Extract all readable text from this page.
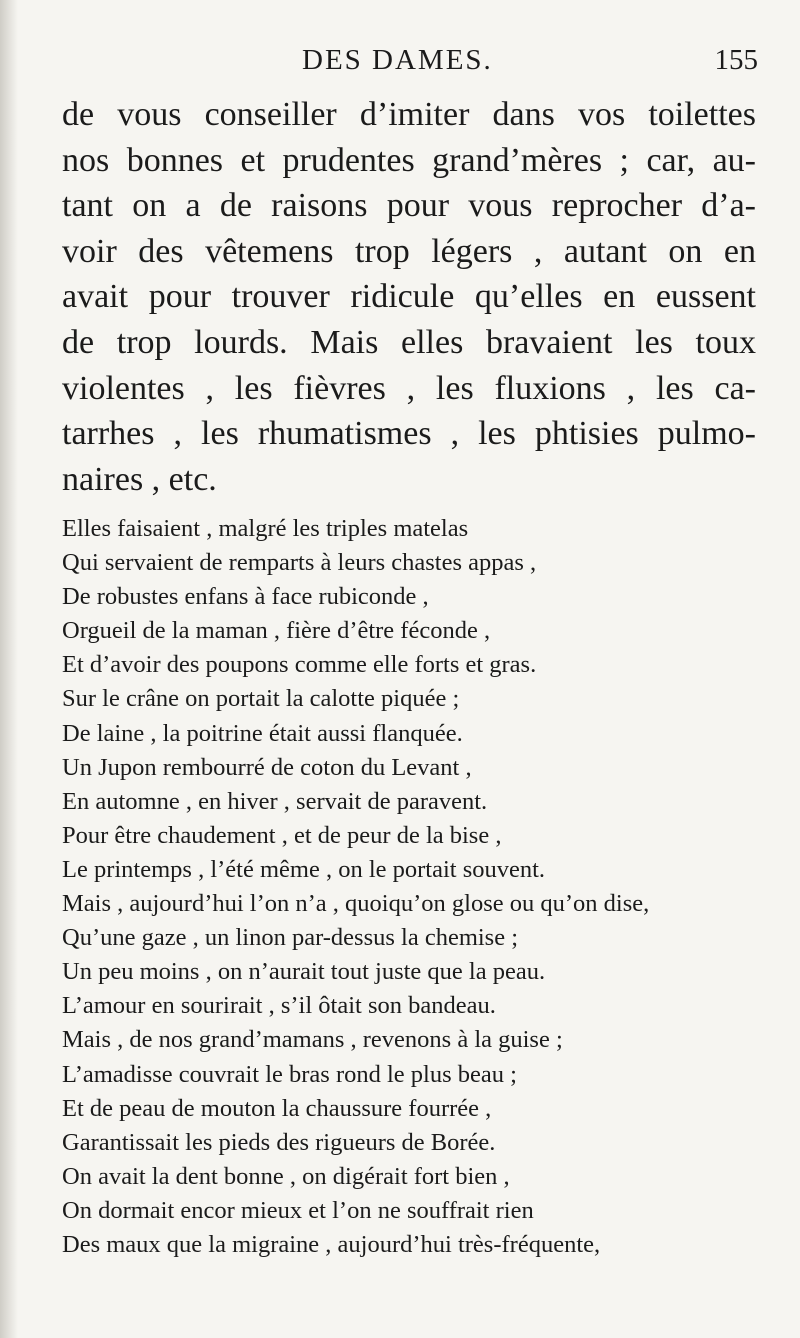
DES DAMES.	155
de vous conseiller d’imiter dans vos toilettes
nos bonnes et prudentes grand’mères ; car, au-
tant on a de raisons pour vous reprocher d’a-
voir des vêtemens trop légers , autant on en
avait pour trouver ridicule qu’elles en eussent
de trop lourds. Mais elles bravaient les toux
violentes , les fièvres , les fluxions , les ca-
tarrhes , les rhumatismes , les phtisies pulmo-
naires , etc.
Elles faisaient , malgré les triples matelas
Qui servaient de remparts à leurs chastes appas ,
De robustes enfans à face rubiconde ,
Orgueil de la maman , fière d’être féconde ,
Et d’avoir des poupons comme elle forts et gras.
Sur le crâne on portait la calotte piquée ;
De laine , la poitrine était aussi flanquée.
Un Jupon rembourré de coton du Levant ,
En automne , en hiver , servait de paravent.
Pour être chaudement , et de peur de la bise ,
Le printemps , l’été même , on le portait souvent.
Mais , aujourd’hui l’on n’a , quoiqu’on glose ou qu’on dise,
Qu’une gaze , un linon par-dessus la chemise ;
Un peu moins , on n’aurait tout juste que la peau.
L’amour en sourirait , s’il ôtait son bandeau.
Mais , de nos grand’mamans , revenons à la guise ;
L’amadisse couvrait le bras rond le plus beau ;
Et de peau de mouton la chaussure fourrée ,
Garantissait les pieds des rigueurs de Borée.
On avait la dent bonne , on digérait fort bien ,
On dormait encor mieux et l’on ne souffrait rien
Des maux que la migraine , aujourd’hui très-fréquente,
